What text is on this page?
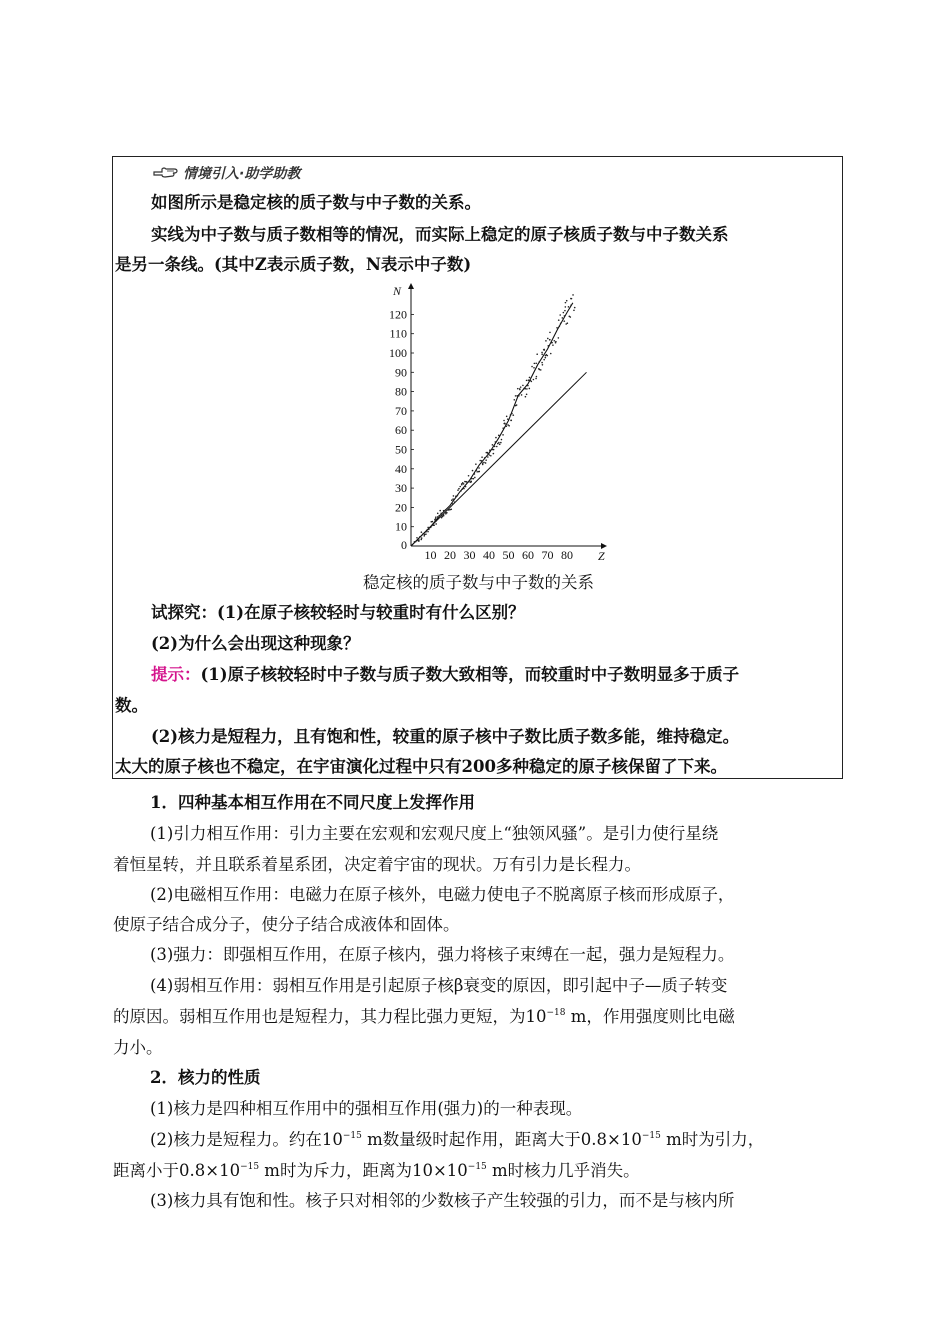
情境引入·助学助教
如图所示是稳定核的质子数与中子数的关系。
实线为中子数与质子数相等的情况，而实际上稳定的原子核质子数与中子数关系
是另一条线。(其中Z表示质子数，N表示中子数)
Z
N
0
10 20 30 40 50 60 70 80
10
20
30
40
50
60
70
80
90
100
110
120
稳定核的质子数与中子数的关系
试探究：(1)在原子核较轻时与较重时有什么区别？
(2)为什么会出现这种现象？
提示：(1)原子核较轻时中子数与质子数大致相等，而较重时中子数明显多于质子
数。
(2)核力是短程力，且有饱和性，较重的原子核中子数比质子数多能，维持稳定。
太大的原子核也不稳定，在宇宙演化过程中只有200多种稳定的原子核保留了下来。
1．四种基本相互作用在不同尺度上发挥作用
(1)引力相互作用：引力主要在宏观和宏观尺度上“独领风骚”。是引力使行星绕
着恒星转，并且联系着星系团，决定着宇宙的现状。万有引力是长程力。
(2)电磁相互作用：电磁力在原子核外，电磁力使电子不脱离原子核而形成原子，
使原子结合成分子，使分子结合成液体和固体。
(3)强力：即强相互作用，在原子核内，强力将核子束缚在一起，强力是短程力。
(4)弱相互作用：弱相互作用是引起原子核β衰变的原因，即引起中子—质子转变
的原因。弱相互作用也是短程力，其力程比强力更短，为$10^{-18}$ m，作用强度则比电磁
力小。
2．核力的性质
(1)核力是四种相互作用中的强相互作用(强力)的一种表现。
(2)核力是短程力。约在$10^{-15}$ m数量级时起作用，距离大于$0.8\times 10^{-15}$ m时为引力，
距离小于$0.8\times 10^{-15}$ m时为斥力，距离为$10\times 10^{-15}$ m时核力几乎消失。
(3)核力具有饱和性。核子只对相邻的少数核子产生较强的引力，而不是与核内所
